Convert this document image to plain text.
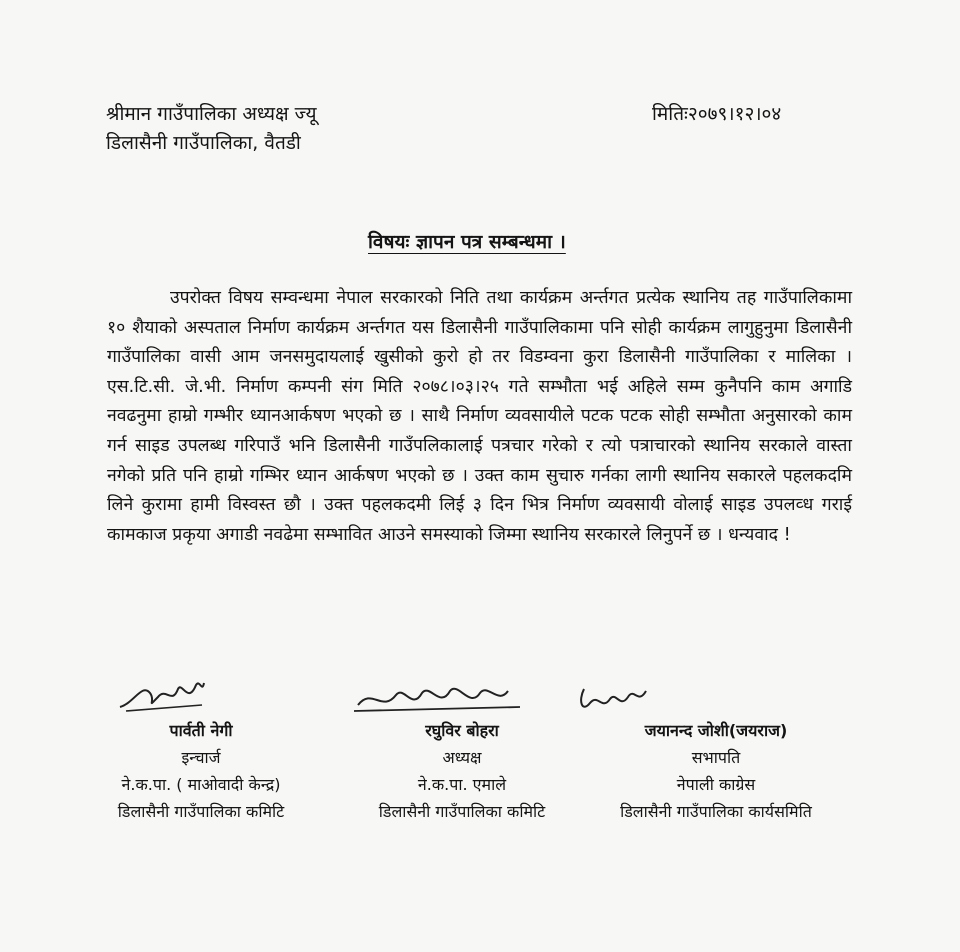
श्रीमान गाउँपालिका अध्यक्ष ज्यू
डिलासैनी गाउँपालिका, वैतडी
मितिः२०७९।१२।०४
विषयः ज्ञापन पत्र सम्बन्धमा ।

उपरोक्त विषय सम्वन्धमा नेपाल सरकारको निति तथा कार्यक्रम अर्न्तगत प्रत्येक स्थानिय तह गाउँपालिकामा १० शैयाको अस्पताल निर्माण कार्यक्रम अर्न्तगत यस डिलासैनी गाउँपालिकामा पनि सोही कार्यक्रम लागुहुनुमा डिलासैनी गाउँपालिका वासी आम जनसमुदायलाई खुसीको कुरो हो तर विडम्वना कुरा डिलासैनी गाउँपालिका र मालिका । एस.टि.सी. जे.भी. निर्माण कम्पनी संग मिति २०७८।०३।२५ गते सम्भौता भई अहिले सम्म कुनैपनि काम अगाडि नवढनुमा हाम्रो गम्भीर ध्यानआर्कषण भएको छ । साथै निर्माण व्यवसायीले पटक पटक सोही सम्भौता अनुसारको काम गर्न साइड उपलब्ध गरिपाउँ भनि डिलासैनी गाउँपलिकालाई पत्रचार गरेको र त्यो पत्राचारको स्थानिय सरकाले वास्ता नगेको प्रति पनि हाम्रो गम्भिर ध्यान आर्कषण भएको छ । उक्त काम सुचारु गर्नका लागी स्थानिय सकारले पहलकदमि लिने कुरामा हामी विस्वस्त छौ । उक्त पहलकदमी लिई ३ दिन भित्र निर्माण व्यवसायी वोलाई साइड उपलव्ध गराई कामकाज प्रकृया अगाडी नवढेमा सम्भावित आउने समस्याको जिम्मा स्थानिय सरकारले लिनुपर्ने छ । धन्यवाद !

पार्वती नेगी
इन्चार्ज
ने.क.पा. ( माओवादी केन्द्र)
डिलासैनी गाउँपालिका कमिटि
रघुविर बोहरा
अध्यक्ष
ने.क.पा. एमाले
डिलासैनी गाउँपालिका कमिटि
जयानन्द जोशी(जयराज)
सभापति
नेपाली काग्रेस
डिलासैनी गाउँपालिका कार्यसमिति
